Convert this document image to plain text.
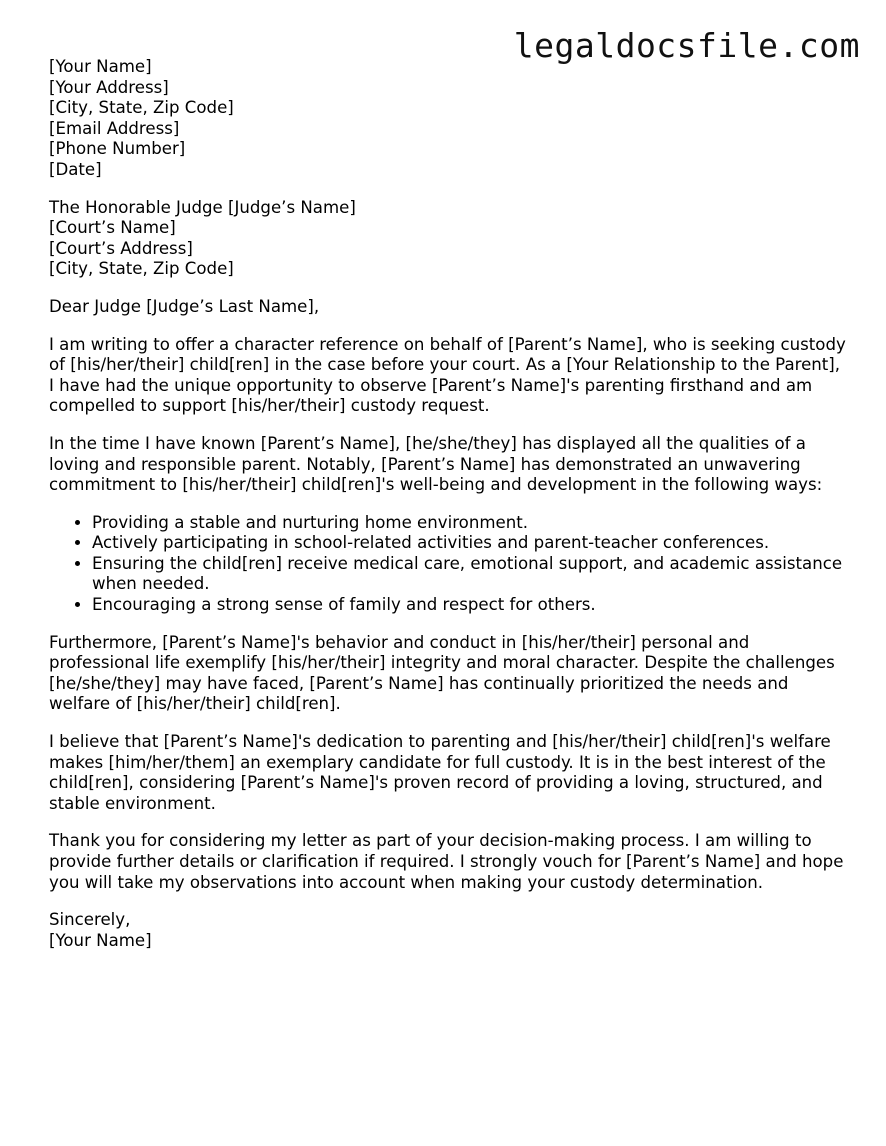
legaldocsfile.com
[Your Name]
[Your Address]
[City, State, Zip Code]
[Email Address]
[Phone Number]
[Date]
The Honorable Judge [Judge’s Name]
[Court’s Name]
[Court’s Address]
[City, State, Zip Code]

Dear Judge [Judge’s Last Name],

I am writing to offer a character reference on behalf of [Parent’s Name], who is seeking custody of [his/her/their] child[ren] in the case before your court. As a [Your Relationship to the Parent], I have had the unique opportunity to observe [Parent’s Name]'s parenting firsthand and am compelled to support [his/her/their] custody request.

In the time I have known [Parent’s Name], [he/she/they] has displayed all the qualities of a loving and responsible parent. Notably, [Parent’s Name] has demonstrated an unwavering commitment to [his/her/their] child[ren]'s well-being and development in the following ways:

• Providing a stable and nurturing home environment.
• Actively participating in school-related activities and parent-teacher conferences.
• Ensuring the child[ren] receive medical care, emotional support, and academic assistance when needed.
• Encouraging a strong sense of family and respect for others.

Furthermore, [Parent’s Name]'s behavior and conduct in [his/her/their] personal and professional life exemplify [his/her/their] integrity and moral character. Despite the challenges [he/she/they] may have faced, [Parent’s Name] has continually prioritized the needs and welfare of [his/her/their] child[ren].

I believe that [Parent’s Name]'s dedication to parenting and [his/her/their] child[ren]'s welfare makes [him/her/them] an exemplary candidate for full custody. It is in the best interest of the child[ren], considering [Parent’s Name]'s proven record of providing a loving, structured, and stable environment.

Thank you for considering my letter as part of your decision-making process. I am willing to provide further details or clarification if required. I strongly vouch for [Parent’s Name] and hope you will take my observations into account when making your custody determination.

Sincerely,
[Your Name]
